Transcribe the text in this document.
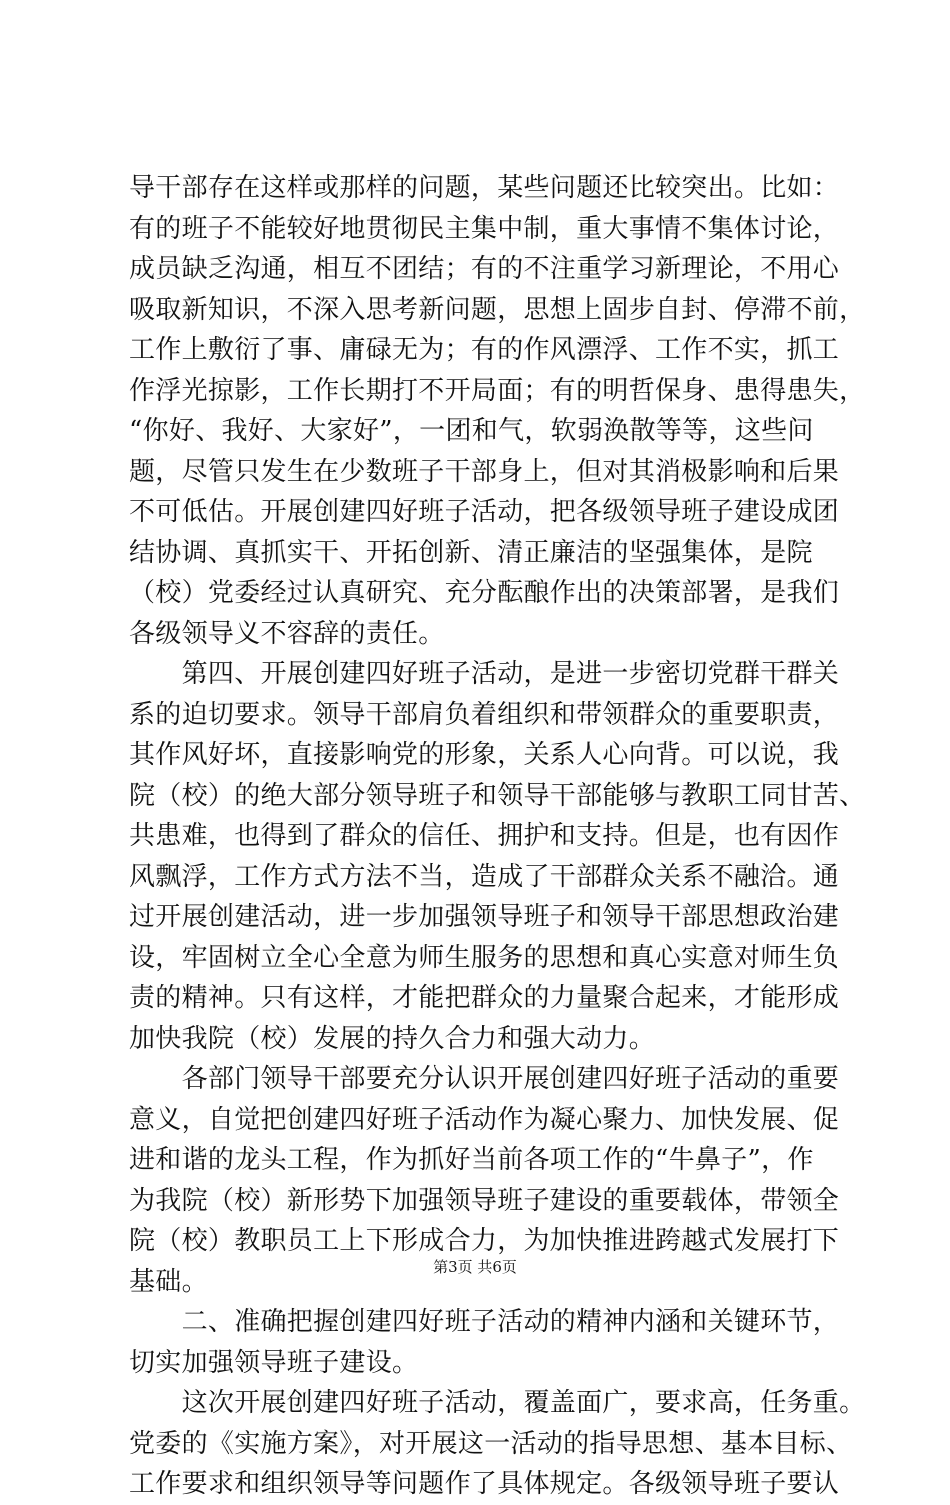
导干部存在这样或那样的问题，某些问题还比较突出。比如：
有的班子不能较好地贯彻民主集中制，重大事情不集体讨论，
成员缺乏沟通，相互不团结；有的不注重学习新理论，不用心
吸取新知识，不深入思考新问题，思想上固步自封、停滞不前，
工作上敷衍了事、庸碌无为；有的作风漂浮、工作不实，抓工
作浮光掠影，工作长期打不开局面；有的明哲保身、患得患失，
“你好、我好、大家好”，一团和气，软弱涣散等等，这些问
题，尽管只发生在少数班子干部身上，但对其消极影响和后果
不可低估。开展创建四好班子活动，把各级领导班子建设成团
结协调、真抓实干、开拓创新、清正廉洁的坚强集体，是院
（校）党委经过认真研究、充分酝酿作出的决策部署，是我们
各级领导义不容辞的责任。
　　第四、开展创建四好班子活动，是进一步密切党群干群关
系的迫切要求。领导干部肩负着组织和带领群众的重要职责，
其作风好坏，直接影响党的形象，关系人心向背。可以说，我
院（校）的绝大部分领导班子和领导干部能够与教职工同甘苦、
共患难，也得到了群众的信任、拥护和支持。但是，也有因作
风飘浮，工作方式方法不当，造成了干部群众关系不融洽。通
过开展创建活动，进一步加强领导班子和领导干部思想政治建
设，牢固树立全心全意为师生服务的思想和真心实意对师生负
责的精神。只有这样，才能把群众的力量聚合起来，才能形成
加快我院（校）发展的持久合力和强大动力。
　　各部门领导干部要充分认识开展创建四好班子活动的重要
意义，自觉把创建四好班子活动作为凝心聚力、加快发展、促
进和谐的龙头工程，作为抓好当前各项工作的“牛鼻子”，作
为我院（校）新形势下加强领导班子建设的重要载体，带领全
院（校）教职员工上下形成合力，为加快推进跨越式发展打下
基础。
　　二、准确把握创建四好班子活动的精神内涵和关键环节，
切实加强领导班子建设。
　　这次开展创建四好班子活动，覆盖面广，要求高，任务重。
党委的《实施方案》，对开展这一活动的指导思想、基本目标、
工作要求和组织领导等问题作了具体规定。各级领导班子要认
第3页 共6页
